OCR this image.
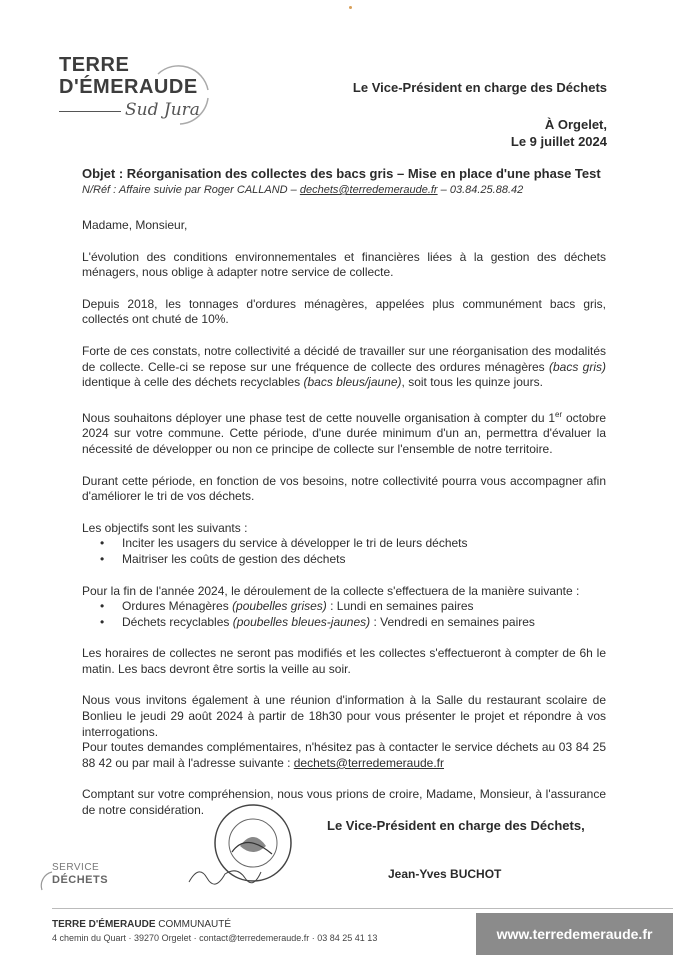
TERRE
D'ÉMERAUDE
Sud Jura
Le Vice-Président en charge des Déchets
À Orgelet,
Le 9 juillet 2024
Objet : Réorganisation des collectes des bacs gris – Mise en place d'une phase Test
N/Réf : Affaire suivie par Roger CALLAND – dechets@terredemeraude.fr – 03.84.25.88.42

Madame, Monsieur,

L'évolution des conditions environnementales et financières liées à la gestion des déchets ménagers, nous oblige à adapter notre service de collecte.

Depuis 2018, les tonnages d'ordures ménagères, appelées plus communément bacs gris, collectés ont chuté de 10%.

Forte de ces constats, notre collectivité a décidé de travailler sur une réorganisation des modalités de collecte. Celle-ci se repose sur une fréquence de collecte des ordures ménagères (bacs gris) identique à celle des déchets recyclables (bacs bleus/jaune), soit tous les quinze jours.

Nous souhaitons déployer une phase test de cette nouvelle organisation à compter du 1er octobre 2024 sur votre commune. Cette période, d'une durée minimum d'un an, permettra d'évaluer la nécessité de développer ou non ce principe de collecte sur l'ensemble de notre territoire.

Durant cette période, en fonction de vos besoins, notre collectivité pourra vous accompagner afin d'améliorer le tri de vos déchets.

Les objectifs sont les suivants :
• Inciter les usagers du service à développer le tri de leurs déchets
• Maitriser les coûts de gestion des déchets
Pour la fin de l'année 2024, le déroulement de la collecte s'effectuera de la manière suivante :
• Ordures Ménagères (poubelles grises) : Lundi en semaines paires
• Déchets recyclables (poubelles bleues-jaunes) : Vendredi en semaines paires

Les horaires de collectes ne seront pas modifiés et les collectes s'effectueront à compter de 6h le matin. Les bacs devront être sortis la veille au soir.

Nous vous invitons également à une réunion d'information à la Salle du restaurant scolaire de Bonlieu le jeudi 29 août 2024 à partir de 18h30 pour vous présenter le projet et répondre à vos interrogations.

Pour toutes demandes complémentaires, n'hésitez pas à contacter le service déchets au 03 84 25 88 42 ou par mail à l'adresse suivante : dechets@terredemeraude.fr

Comptant sur votre compréhension, nous vous prions de croire, Madame, Monsieur, à l'assurance de notre considération.

Le Vice-Président en charge des Déchets,
Jean-Yves BUCHOT
SERVICE
DÉCHETS
TERRE D'ÉMERAUDE COMMUNAUTÉ
4 chemin du Quart · 39270 Orgelet · contact@terredemeraude.fr · 03 84 25 41 13	www.terredemeraude.fr
